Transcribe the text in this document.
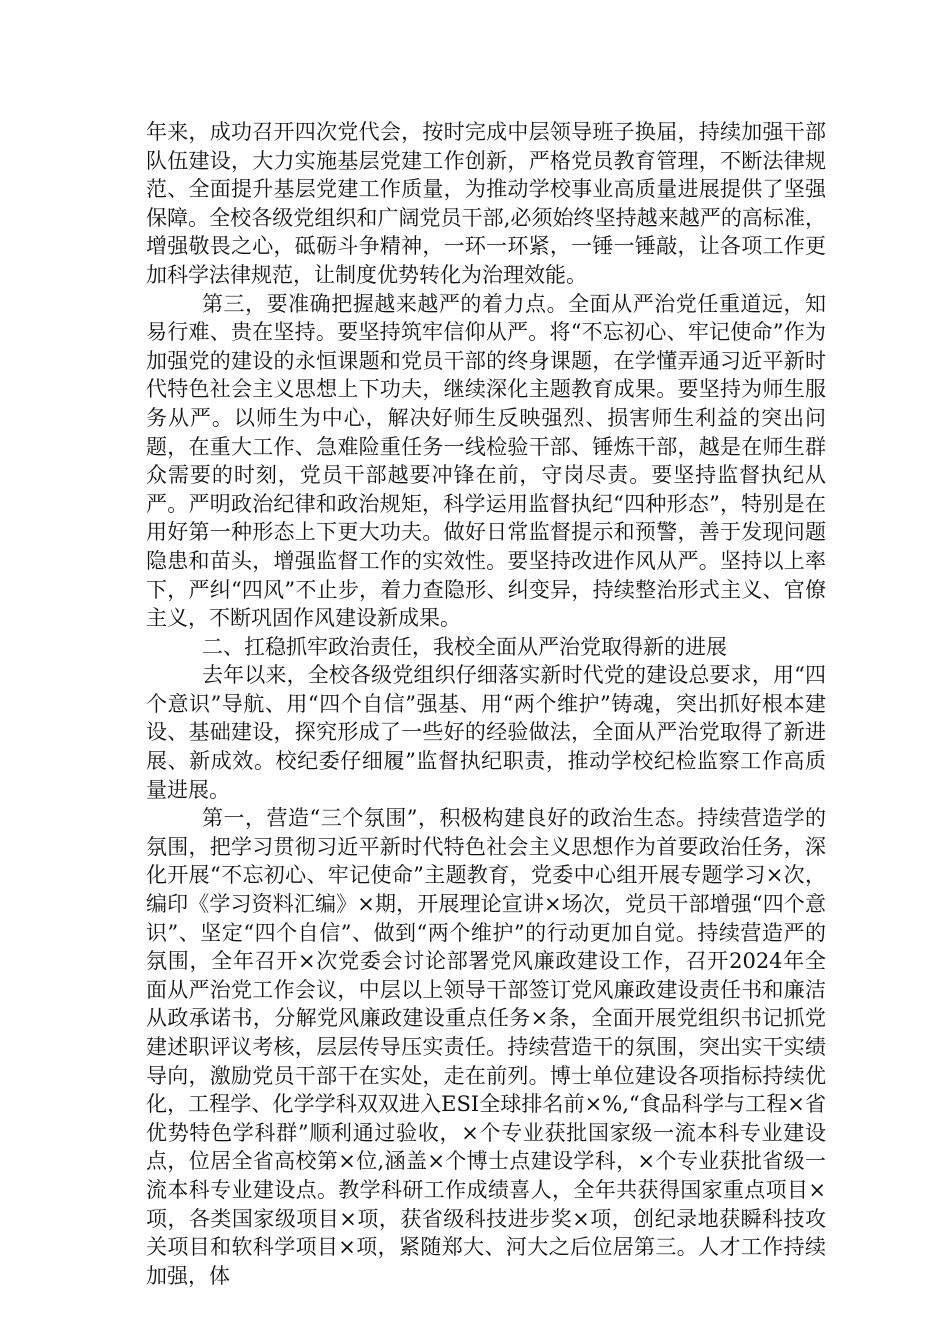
年来，成功召开四次党代会，按时完成中层领导班子换届，持续加强干部队伍建设，大力实施基层党建工作创新，严格党员教育管理，不断法律规范、全面提升基层党建工作质量，为推动学校事业高质量进展提供了坚强保障。全校各级党组织和广阔党员干部,必须始终坚持越来越严的高标准，增强敬畏之心，砥砺斗争精神，一环一环紧，一锤一锤敲，让各项工作更加科学法律规范，让制度优势转化为治理效能。

第三，要准确把握越来越严的着力点。全面从严治党任重道远，知易行难、贵在坚持。要坚持筑牢信仰从严。将“不忘初心、牢记使命”作为加强党的建设的永恒课题和党员干部的终身课题，在学懂弄通习近平新时代特色社会主义思想上下功夫，继续深化主题教育成果。要坚持为师生服务从严。以师生为中心，解决好师生反映强烈、损害师生利益的突出问题，在重大工作、急难险重任务一线检验干部、锤炼干部，越是在师生群众需要的时刻，党员干部越要冲锋在前，守岗尽责。要坚持监督执纪从严。严明政治纪律和政治规矩，科学运用监督执纪“四种形态”，特别是在用好第一种形态上下更大功夫。做好日常监督提示和预警，善于发现问题隐患和苗头，增强监督工作的实效性。要坚持改进作风从严。坚持以上率下，严纠“四风”不止步，着力查隐形、纠变异，持续整治形式主义、官僚主义，不断巩固作风建设新成果。

二、扛稳抓牢政治责任，我校全面从严治党取得新的进展

去年以来，全校各级党组织仔细落实新时代党的建设总要求，用“四个意识”导航、用“四个自信”强基、用“两个维护”铸魂，突出抓好根本建设、基础建设，探究形成了一些好的经验做法，全面从严治党取得了新进展、新成效。校纪委仔细履”监督执纪职责，推动学校纪检监察工作高质量进展。

第一，营造“三个氛围”，积极构建良好的政治生态。持续营造学的氛围，把学习贯彻习近平新时代特色社会主义思想作为首要政治任务，深化开展“不忘初心、牢记使命”主题教育，党委中心组开展专题学习×次，编印《学习资料汇编》×期，开展理论宣讲×场次，党员干部增强“四个意识”、坚定“四个自信”、做到“两个维护”的行动更加自觉。持续营造严的氛围，全年召开×次党委会讨论部署党风廉政建设工作，召开2024年全面从严治党工作会议，中层以上领导干部签订党风廉政建设责任书和廉洁从政承诺书，分解党风廉政建设重点任务×条，全面开展党组织书记抓党建述职评议考核，层层传导压实责任。持续营造干的氛围，突出实干实绩导向，激励党员干部干在实处，走在前列。博士单位建设各项指标持续优化，工程学、化学学科双双进入ESI全球排名前×%,“食品科学与工程×省优势特色学科群”顺利通过验收，×个专业获批国家级一流本科专业建设点，位居全省高校第×位,涵盖×个博士点建设学科，×个专业获批省级一流本科专业建设点。教学科研工作成绩喜人，全年共获得国家重点项目×项，各类国家级项目×项，获省级科技进步奖×项，创纪录地获瞬科技攻关项目和软科学项目×项，紧随郑大、河大之后位居第三。人才工作持续加强，体
